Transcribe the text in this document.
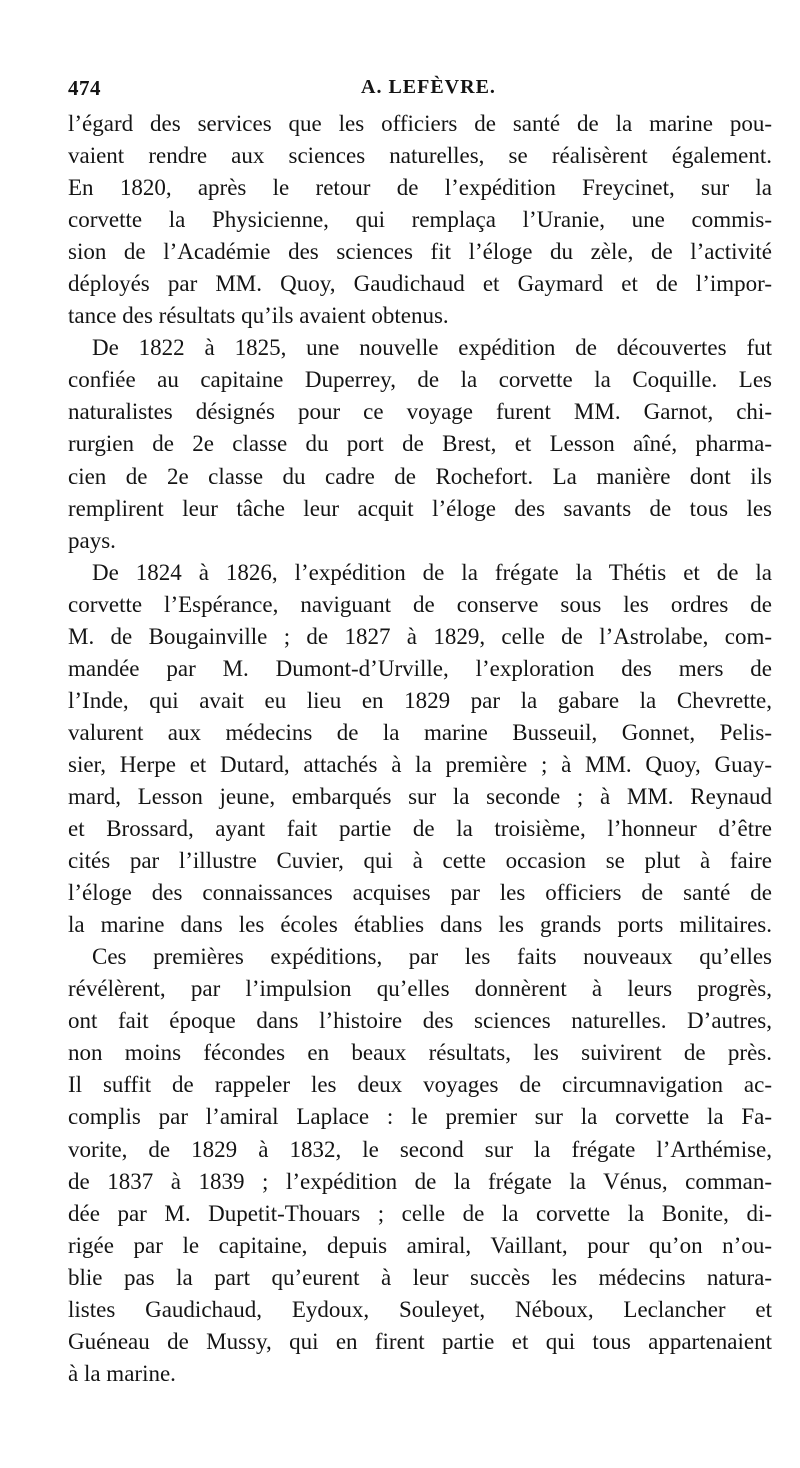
474	A. LEFÈVRE.
l’égard des services que les officiers de santé de la marine pou-
vaient rendre aux sciences naturelles, se réalisèrent également.
En 1820, après le retour de l’expédition Freycinet, sur la
corvette la Physicienne, qui remplaça l’Uranie, une commis-
sion de l’Académie des sciences fit l’éloge du zèle, de l’activité
déployés par MM. Quoy, Gaudichaud et Gaymard et de l’impor-
tance des résultats qu’ils avaient obtenus.
De 1822 à 1825, une nouvelle expédition de découvertes fut
confiée au capitaine Duperrey, de la corvette la Coquille. Les
naturalistes désignés pour ce voyage furent MM. Garnot, chi-
rurgien de 2e classe du port de Brest, et Lesson aîné, pharma-
cien de 2e classe du cadre de Rochefort. La manière dont ils
remplirent leur tâche leur acquit l’éloge des savants de tous les
pays.
De 1824 à 1826, l’expédition de la frégate la Thétis et de la
corvette l’Espérance, naviguant de conserve sous les ordres de
M. de Bougainville ; de 1827 à 1829, celle de l’Astrolabe, com-
mandée par M. Dumont-d’Urville, l’exploration des mers de
l’Inde, qui avait eu lieu en 1829 par la gabare la Chevrette,
valurent aux médecins de la marine Busseuil, Gonnet, Pelis-
sier, Herpe et Dutard, attachés à la première ; à MM. Quoy, Guay-
mard, Lesson jeune, embarqués sur la seconde ; à MM. Reynaud
et Brossard, ayant fait partie de la troisième, l’honneur d’être
cités par l’illustre Cuvier, qui à cette occasion se plut à faire
l’éloge des connaissances acquises par les officiers de santé de
la marine dans les écoles établies dans les grands ports militaires.
Ces premières expéditions, par les faits nouveaux qu’elles
révélèrent, par l’impulsion qu’elles donnèrent à leurs progrès,
ont fait époque dans l’histoire des sciences naturelles. D’autres,
non moins fécondes en beaux résultats, les suivirent de près.
Il suffit de rappeler les deux voyages de circumnavigation ac-
complis par l’amiral Laplace : le premier sur la corvette la Fa-
vorite, de 1829 à 1832, le second sur la frégate l’Arthémise,
de 1837 à 1839 ; l’expédition de la frégate la Vénus, comman-
dée par M. Dupetit-Thouars ; celle de la corvette la Bonite, di-
rigée par le capitaine, depuis amiral, Vaillant, pour qu’on n’ou-
blie pas la part qu’eurent à leur succès les médecins natura-
listes Gaudichaud, Eydoux, Souleyet, Néboux, Leclancher et
Guéneau de Mussy, qui en firent partie et qui tous appartenaient
à la marine.
